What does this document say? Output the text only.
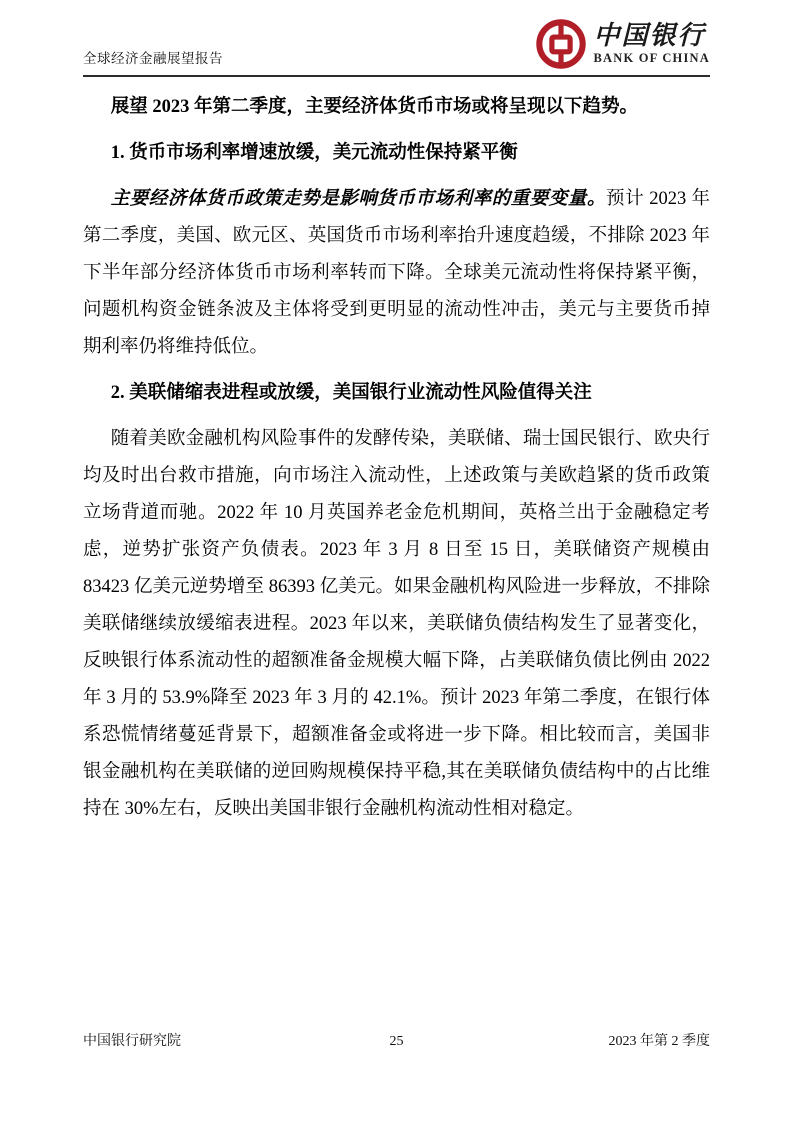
全球经济金融展望报告
中国银行
BANK OF CHINA

展望 2023 年第二季度，主要经济体货币市场或将呈现以下趋势。

1. 货币市场利率增速放缓，美元流动性保持紧平衡

主要经济体货币政策走势是影响货币市场利率的重要变量。预计 2023 年第二季度，美国、欧元区、英国货币市场利率抬升速度趋缓，不排除 2023 年下半年部分经济体货币市场利率转而下降。全球美元流动性将保持紧平衡，问题机构资金链条波及主体将受到更明显的流动性冲击，美元与主要货币掉期利率仍将维持低位。

2. 美联储缩表进程或放缓，美国银行业流动性风险值得关注

随着美欧金融机构风险事件的发酵传染，美联储、瑞士国民银行、欧央行均及时出台救市措施，向市场注入流动性，上述政策与美欧趋紧的货币政策立场背道而驰。2022 年 10 月英国养老金危机期间，英格兰出于金融稳定考虑，逆势扩张资产负债表。2023 年 3 月 8 日至 15 日，美联储资产规模由 83423 亿美元逆势增至 86393 亿美元。如果金融机构风险进一步释放，不排除美联储继续放缓缩表进程。2023 年以来，美联储负债结构发生了显著变化，反映银行体系流动性的超额准备金规模大幅下降，占美联储负债比例由 2022 年 3 月的 53.9%降至 2023 年 3 月的 42.1%。预计 2023 年第二季度，在银行体系恐慌情绪蔓延背景下，超额准备金或将进一步下降。相比较而言，美国非银金融机构在美联储的逆回购规模保持平稳,其在美联储负债结构中的占比维持在 30%左右，反映出美国非银行金融机构流动性相对稳定。

中国银行研究院	25	2023 年第 2 季度
